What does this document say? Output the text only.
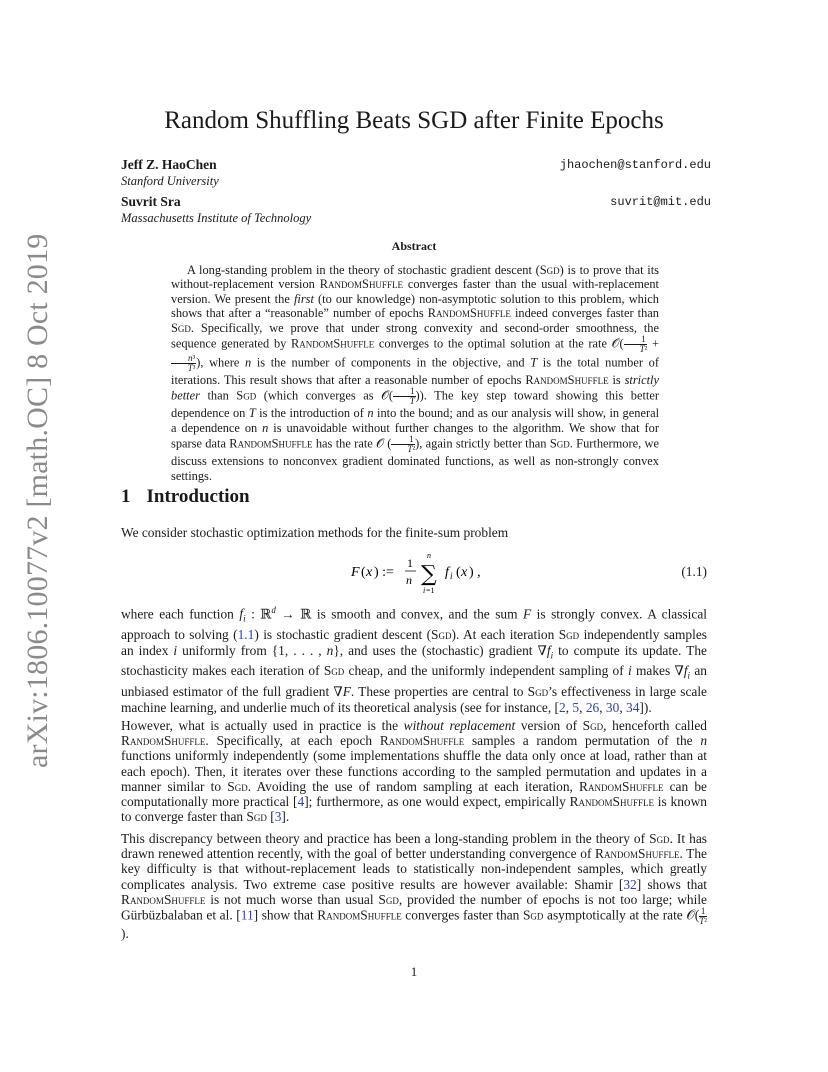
arXiv:1806.10077v2 [math.OC] 8 Oct 2019
Random Shuffling Beats SGD after Finite Epochs
Jeff Z. HaoChen
Stanford University
jhaochen@stanford.edu
Suvrit Sra
Massachusetts Institute of Technology
suvrit@mit.edu
Abstract
A long-standing problem in the theory of stochastic gradient descent (Sgd) is to prove that its without-replacement version RandomShuffle converges faster than the usual with-replacement version. We present the first (to our knowledge) non-asymptotic solution to this problem, which shows that after a “reasonable” number of epochs RandomShuffle indeed converges faster than Sgd. Specifically, we prove that under strong convexity and second-order smoothness, the sequence generated by RandomShuffle converges to the optimal solution at the rate 𝒪( $\frac{1}{\text{T²}}$ +
$\frac{\text{n³}}{\text{T³}}$ ), where n is the number of components in the objective, and T is the total number of iterations. This result shows that after a reasonable number of epochs RandomShuffle is strictly better than Sgd (which converges as 𝒪( $\frac{1}{T}$ )). The key step toward showing this better dependence on T is the introduction of n into the bound; and as our analysis will show, in general a dependence on n is unavoidable without further changes to the algorithm. We show that for sparse data RandomShuffle has the rate 𝒪 ( $\frac{1}{\text{T²}}$ ), again strictly better than Sgd. Furthermore, we discuss extensions to nonconvex gradient dominated functions, as well as non-strongly convex settings.
1 Introduction
We consider stochastic optimization methods for the finite-sum problem
F ( x ) :=
1
n
n
∑
i =1
f i ( x ) ,	(1.1)
where each function $f_i$ : ℝ$^d$ → ℝ is smooth and convex, and the sum F is strongly convex. A classical approach to solving (1.1) is stochastic gradient descent (Sgd). At each iteration Sgd independently samples an index i uniformly from {1, . . . , n}, and uses the (stochastic) gradient $\nabla f_i$ to compute its update. The stochasticity makes each iteration of Sgd cheap, and the uniformly independent sampling of i makes $\nabla f_i$ an unbiased estimator of the full gradient ∇F. These properties are central to Sgd’s effectiveness in large scale machine learning, and underlie much of its theoretical analysis (see for instance, [2, 5, 26, 30, 34]).
However, what is actually used in practice is the without replacement version of Sgd, henceforth called RandomShuffle. Specifically, at each epoch RandomShuffle samples a random permutation of the n functions uniformly independently (some implementations shuffle the data only once at load, rather than at each epoch). Then, it iterates over these functions according to the sampled permutation and updates in a manner similar to Sgd. Avoiding the use of random sampling at each iteration, RandomShuffle can be computationally more practical [4]; furthermore, as one would expect, empirically RandomShuffle is known to converge faster than Sgd [3].
This discrepancy between theory and practice has been a long-standing problem in the theory of Sgd. It has drawn renewed attention recently, with the goal of better understanding convergence of RandomShuffle. The key difficulty is that without-replacement leads to statistically non-independent samples, which greatly complicates analysis. Two extreme case positive results are however available: Shamir [32] shows that RandomShuffle is not much worse than usual Sgd, provided the number of epochs is not too large; while Gürbüzbalaban et al. [11] show that RandomShuffle converges faster than Sgd asymptotically at the rate 𝒪( $\frac{1}{\text{T²}}$
).
1
